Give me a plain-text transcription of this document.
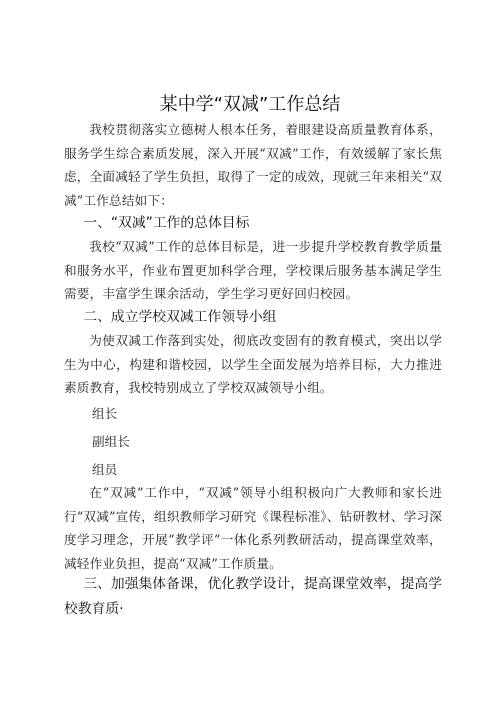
某中学“双减”工作总结

我校贯彻落实立德树人根本任务，着眼建设高质量教育体系，服务学生综合素质发展，深入开展“双减”工作，有效缓解了家长焦虑，全面减轻了学生负担，取得了一定的成效，现就三年来相关“双减”工作总结如下：

一、“双减”工作的总体目标

我校“双减”工作的总体目标是，进一步提升学校教育教学质量和服务水平，作业布置更加科学合理，学校课后服务基本满足学生需要，丰富学生课余活动，学生学习更好回归校园。

二、成立学校双减工作领导小组

为使双减工作落到实处，彻底改变固有的教育模式，突出以学生为中心，构建和谐校园，以学生全面发展为培养目标，大力推进素质教育，我校特别成立了学校双减领导小组。

组长

副组长

组员

在“双减”工作中，“双减”领导小组积极向广大教师和家长进行“双减”宣传，组织教师学习研究《课程标准》、钻研教材、学习深度学习理念，开展“教学评”一体化系列教研活动，提高课堂效率，减轻作业负担，提高“双减”工作质量。

三、加强集体备课，优化教学设计，提高课堂效率，提高学校教育质·
